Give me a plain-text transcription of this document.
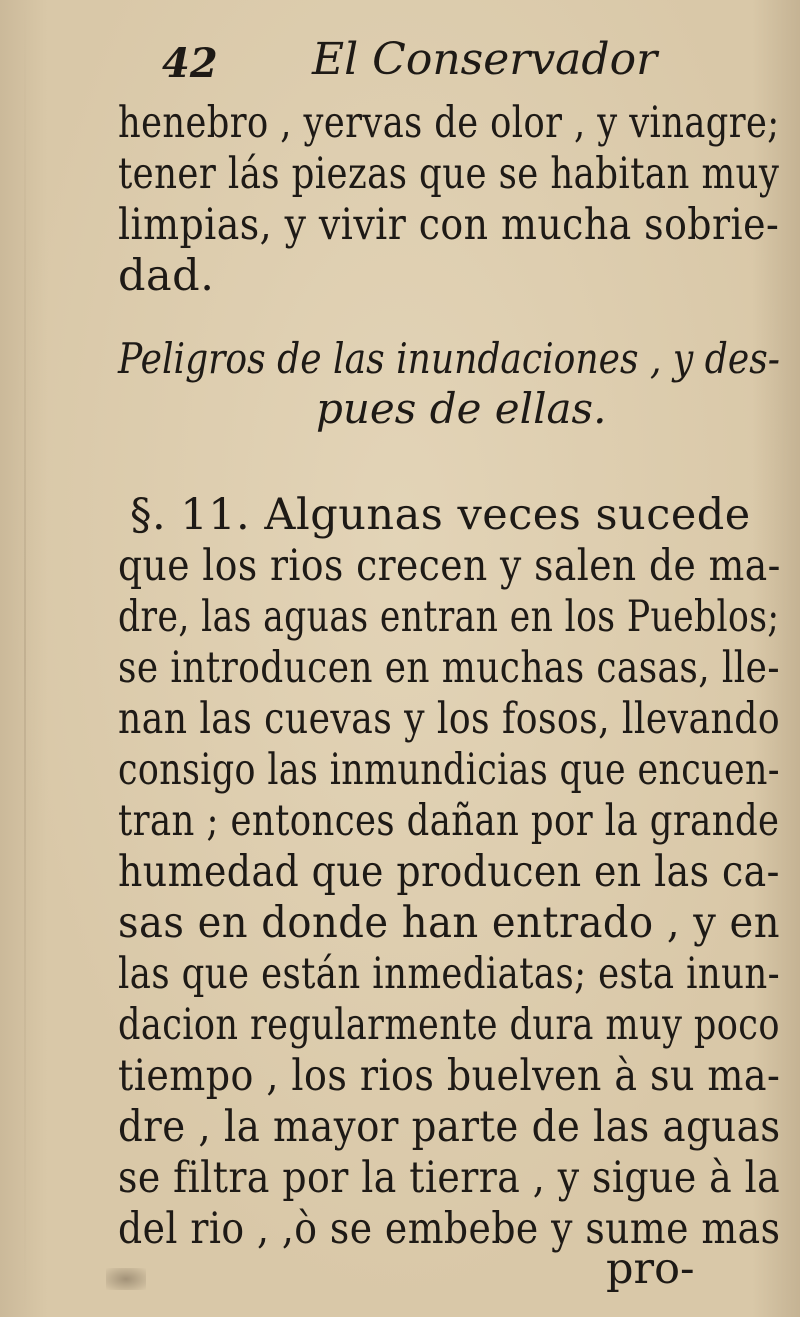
42 El Conservador
henebro , yervas de olor , y vinagre;
tener lás piezas que se habitan muy
limpias, y vivir con mucha sobrie-
dad.
Peligros de las inundaciones , y des-
pues de ellas.
§. 11. Algunas veces sucede
que los rios crecen y salen de ma-
dre, las aguas entran en los Pueblos;
se introducen en muchas casas, lle-
nan las cuevas y los fosos, llevando
consigo las inmundicias que encuen-
tran ; entonces dañan por la grande
humedad que producen en las ca-
sas en donde han entrado , y en
las que están inmediatas; esta inun-
dacion regularmente dura muy poco
tiempo , los rios buelven à su ma-
dre , la mayor parte de las aguas
se filtra por la tierra , y sigue à la
del rio , ,ò se embebe y sume mas
pro-
